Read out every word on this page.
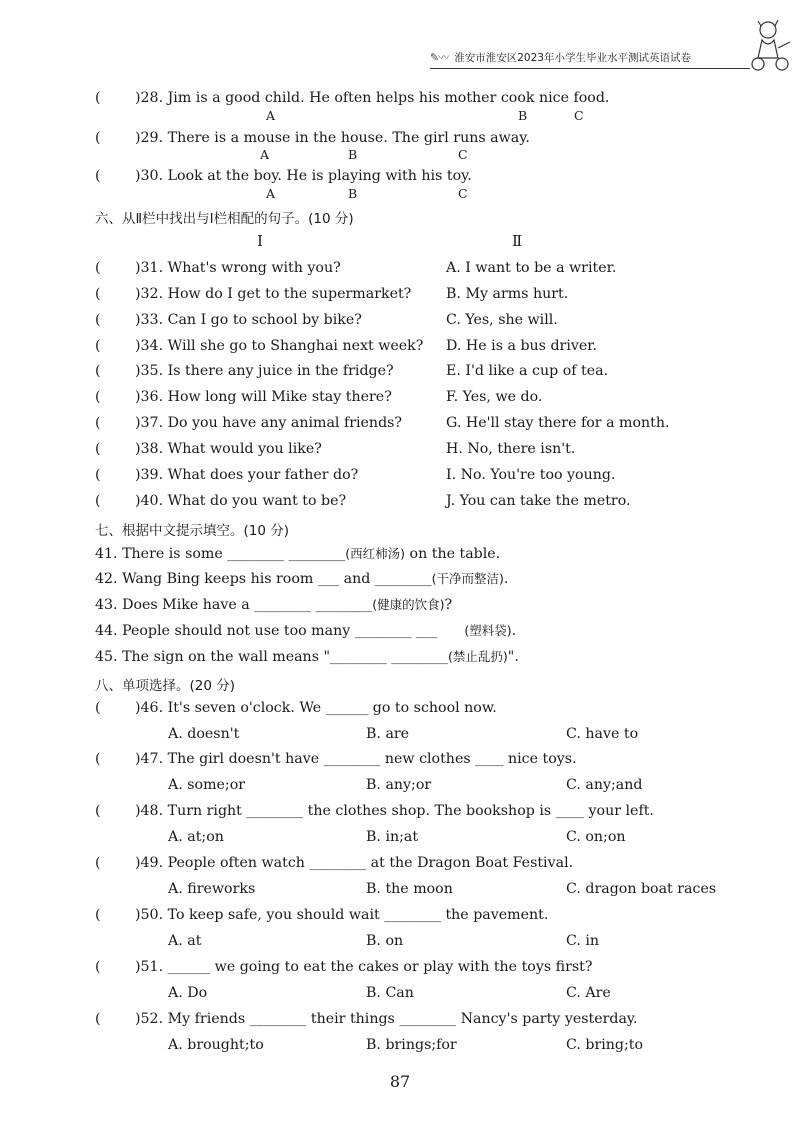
✎〰 淮安市淮安区2023年小学生毕业水平测试英语试卷
( )28. Jim is a good child. He often helps his mother cook nice food.
A	B	C
( )29. There is a mouse in the house. The girl runs away.
A	B	C
( )30. Look at the boy. He is playing with his toy.
A	B	C
六、从Ⅱ栏中找出与Ⅰ栏相配的句子。(10 分)
Ⅰ	Ⅱ
( )31. What's wrong with you?	A. I want to be a writer.
( )32. How do I get to the supermarket? B. My arms hurt.
( )33. Can I go to school by bike?	C. Yes, she will.
( )34. Will she go to Shanghai next week? D. He is a bus driver.
( )35. Is there any juice in the fridge?	E. I'd like a cup of tea.
( )36. How long will Mike stay there?	F. Yes, we do.
( )37. Do you have any animal friends?	G. He'll stay there for a month.
( )38. What would you like?	H. No, there isn't.
( )39. What does your father do?	I. No. You're too young.
( )40. What do you want to be?	J. You can take the metro.
七、根据中文提示填空。(10 分)
41. There is some ________ ________(西红柿汤) on the table.
42. Wang Bing keeps his room ___ and ________(干净而整洁).
43. Does Mike have a ________ ________(健康的饮食)?
44. People should not use too many ________ ___ (塑料袋).
45. The sign on the wall means "________ ________(禁止乱扔)".
八、单项选择。(20 分)
( )46. It's seven o'clock. We ______ go to school now.
A. doesn't	B. are	C. have to
( )47. The girl doesn't have ________ new clothes ____ nice toys.
A. some;or	B. any;or	C. any;and
( )48. Turn right ________ the clothes shop. The bookshop is ____ your left.
A. at;on	B. in;at	C. on;on
( )49. People often watch ________ at the Dragon Boat Festival.
A. fireworks	B. the moon	C. dragon boat races
( )50. To keep safe, you should wait ________ the pavement.
A. at	B. on	C. in
( )51. ______ we going to eat the cakes or play with the toys first?
A. Do	B. Can	C. Are
( )52. My friends ________ their things ________ Nancy's party yesterday.
A. brought;to	B. brings;for	C. bring;to
87
